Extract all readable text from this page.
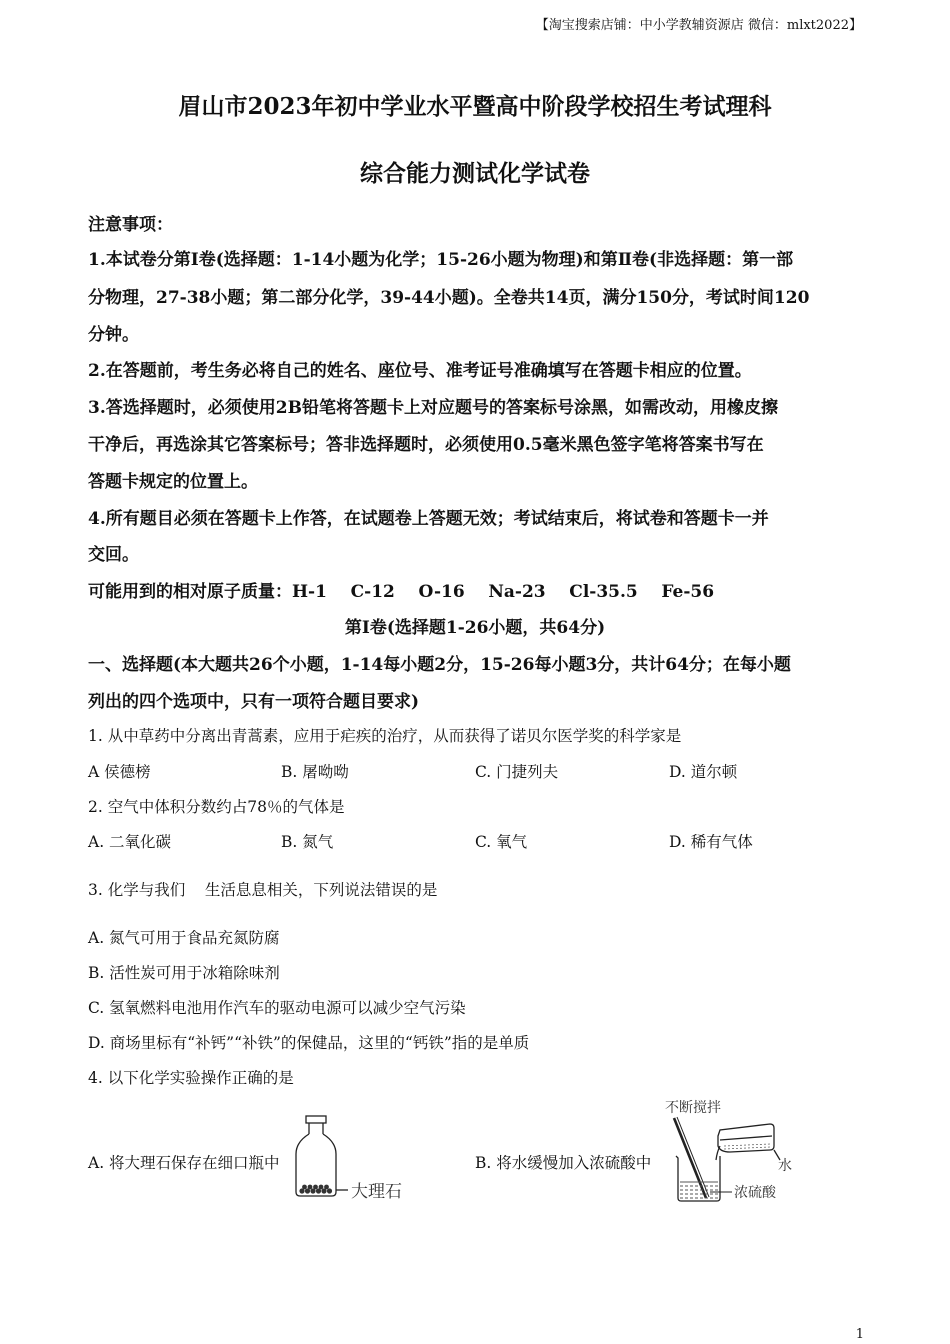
【淘宝搜索店铺：中小学教辅资源店 微信：mlxt2022】
眉山市2023年初中学业水平暨高中阶段学校招生考试理科
综合能力测试化学试卷
注意事项：
1.本试卷分第Ⅰ卷(选择题：1-14小题为化学；15-26小题为物理)和第Ⅱ卷(非选择题：第一部
分物理，27-38小题；第二部分化学，39-44小题)。全卷共14页，满分150分，考试时间120
分钟。
2.在答题前，考生务必将自己的姓名、座位号、准考证号准确填写在答题卡相应的位置。
3.答选择题时，必须使用2B铅笔将答题卡上对应题号的答案标号涂黑，如需改动，用橡皮擦
干净后，再选涂其它答案标号；答非选择题时，必须使用0.5毫米黑色签字笔将答案书写在
答题卡规定的位置上。
4.所有题目必须在答题卡上作答，在试题卷上答题无效；考试结束后，将试卷和答题卡一并
交回。
可能用到的相对原子质量：H-1    C-12    O-16    Na-23    Cl-35.5    Fe-56
第Ⅰ卷(选择题1-26小题，共64分)
一、选择题(本大题共26个小题，1-14每小题2分，15-26每小题3分，共计64分；在每小题
列出的四个选项中，只有一项符合题目要求)
1. 从中草药中分离出青蒿素，应用于疟疾的治疗，从而获得了诺贝尔医学奖的科学家是
A 侯德榜	B. 屠呦呦	C. 门捷列夫	D. 道尔顿
2. 空气中体积分数约占78％的气体是
A. 二氧化碳	B. 氮气	C. 氧气	D. 稀有气体
3. 化学与我们    生活息息相关，下列说法错误的是
A. 氮气可用于食品充氮防腐
B. 活性炭可用于冰箱除味剂
C. 氢氧燃料电池用作汽车的驱动电源可以减少空气污染
D. 商场里标有“补钙”“补铁”的保健品，这里的“钙铁”指的是单质
4. 以下化学实验操作正确的是
A. 将大理石保存在细口瓶中	B. 将水缓慢加入浓硫酸中
大理石
不断搅拌
水
浓硫酸
1
